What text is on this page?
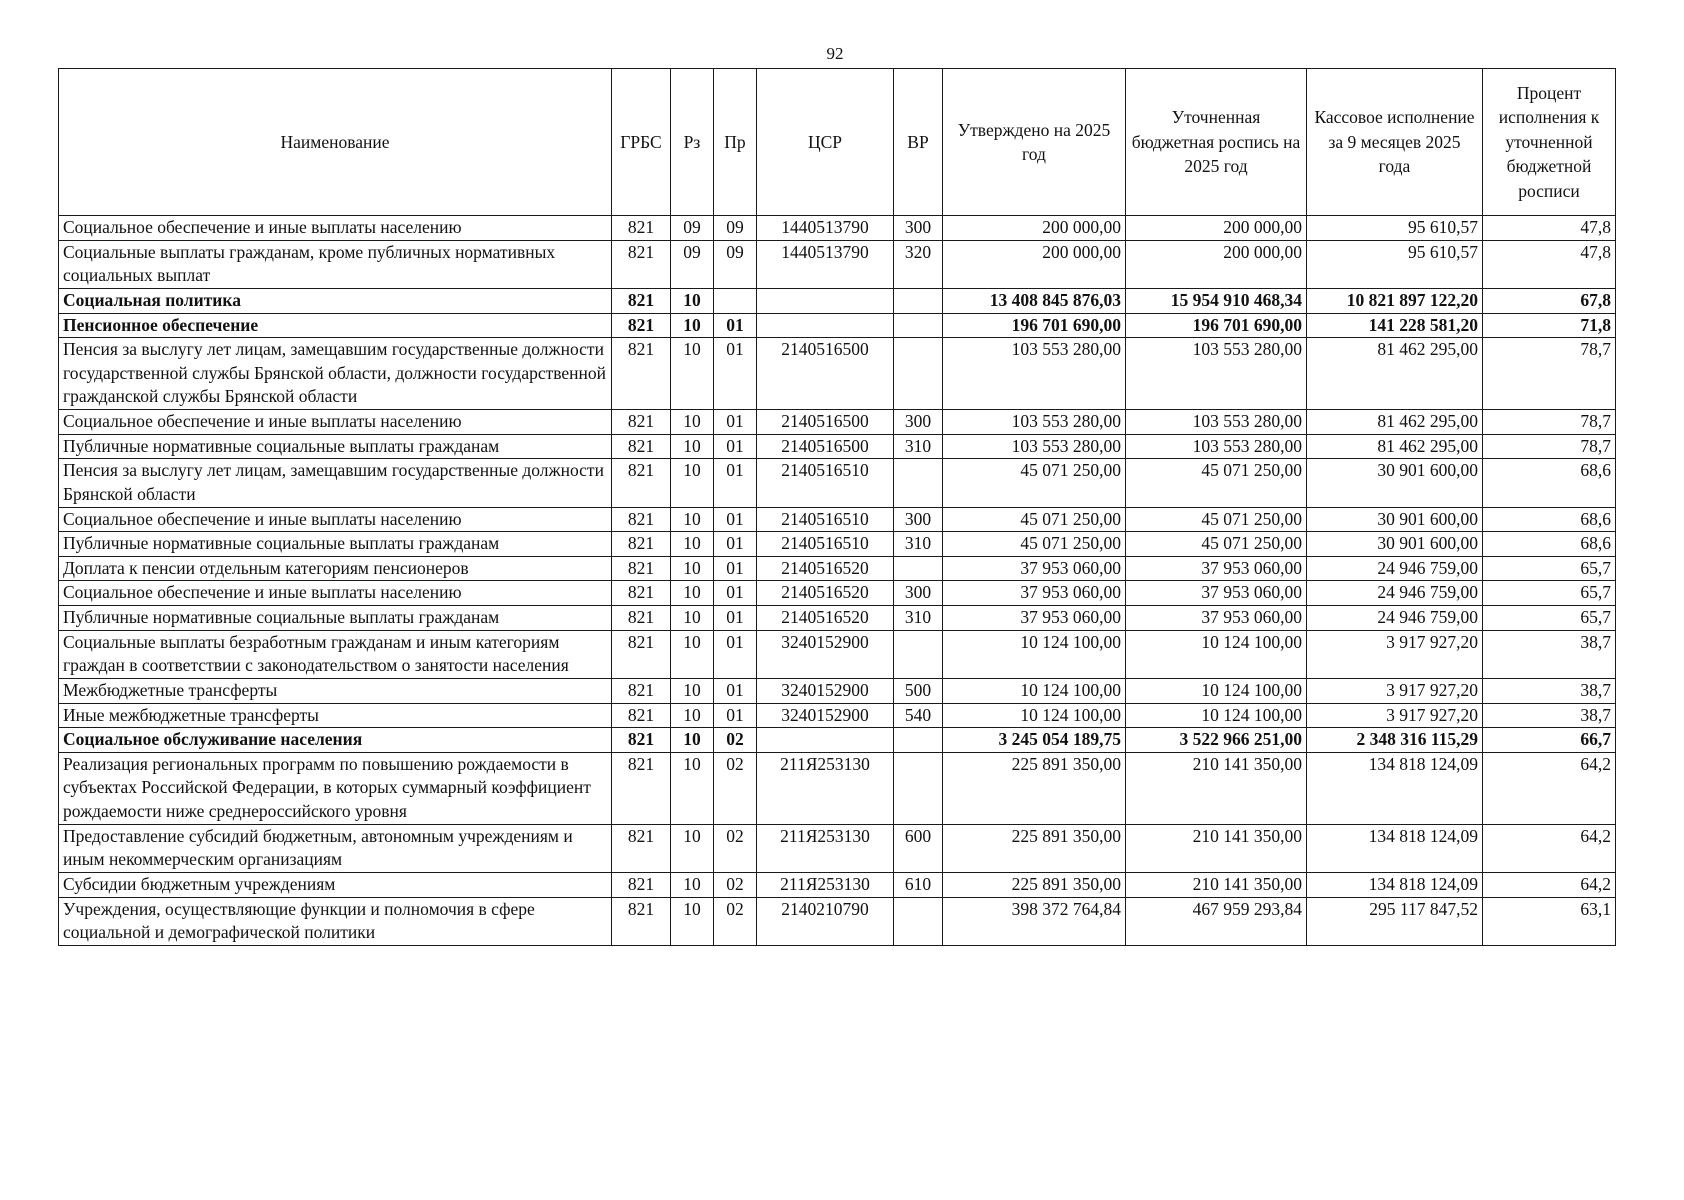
92
Наименование	ГРБС	Рз	Пр	ЦСР	ВР	Утверждено на 2025 год	Уточненная бюджетная роспись на 2025 год	Кассовое исполнение за 9 месяцев 2025 года	Процент исполнения к уточненной бюджетной росписи
Социальное обеспечение и иные выплаты населению	821	09	09	1440513790	300	200 000,00	200 000,00	95 610,57	47,8
Социальные выплаты гражданам, кроме публичных нормативных социальных выплат	821	09	09	1440513790	320	200 000,00	200 000,00	95 610,57	47,8
Социальная политика	821	10				13 408 845 876,03	15 954 910 468,34	10 821 897 122,20	67,8
Пенсионное обеспечение	821	10	01			196 701 690,00	196 701 690,00	141 228 581,20	71,8
Пенсия за выслугу лет лицам, замещавшим государственные должности государственной службы Брянской области, должности государственной гражданской службы Брянской области	821	10	01	2140516500		103 553 280,00	103 553 280,00	81 462 295,00	78,7
Социальное обеспечение и иные выплаты населению	821	10	01	2140516500	300	103 553 280,00	103 553 280,00	81 462 295,00	78,7
Публичные нормативные социальные выплаты гражданам	821	10	01	2140516500	310	103 553 280,00	103 553 280,00	81 462 295,00	78,7
Пенсия за выслугу лет лицам, замещавшим государственные должности Брянской области	821	10	01	2140516510		45 071 250,00	45 071 250,00	30 901 600,00	68,6
Социальное обеспечение и иные выплаты населению	821	10	01	2140516510	300	45 071 250,00	45 071 250,00	30 901 600,00	68,6
Публичные нормативные социальные выплаты гражданам	821	10	01	2140516510	310	45 071 250,00	45 071 250,00	30 901 600,00	68,6
Доплата к пенсии отдельным категориям пенсионеров	821	10	01	2140516520		37 953 060,00	37 953 060,00	24 946 759,00	65,7
Социальное обеспечение и иные выплаты населению	821	10	01	2140516520	300	37 953 060,00	37 953 060,00	24 946 759,00	65,7
Публичные нормативные социальные выплаты гражданам	821	10	01	2140516520	310	37 953 060,00	37 953 060,00	24 946 759,00	65,7
Социальные выплаты безработным гражданам и иным категориям граждан в соответствии с законодательством о занятости населения	821	10	01	3240152900		10 124 100,00	10 124 100,00	3 917 927,20	38,7
Межбюджетные трансферты	821	10	01	3240152900	500	10 124 100,00	10 124 100,00	3 917 927,20	38,7
Иные межбюджетные трансферты	821	10	01	3240152900	540	10 124 100,00	10 124 100,00	3 917 927,20	38,7
Социальное обслуживание населения	821	10	02			3 245 054 189,75	3 522 966 251,00	2 348 316 115,29	66,7
Реализация региональных программ по повышению рождаемости в субъектах Российской Федерации, в которых суммарный коэффициент рождаемости ниже среднероссийского уровня	821	10	02	211Я253130		225 891 350,00	210 141 350,00	134 818 124,09	64,2
Предоставление субсидий бюджетным, автономным учреждениям и иным некоммерческим организациям	821	10	02	211Я253130	600	225 891 350,00	210 141 350,00	134 818 124,09	64,2
Субсидии бюджетным учреждениям	821	10	02	211Я253130	610	225 891 350,00	210 141 350,00	134 818 124,09	64,2
Учреждения, осуществляющие функции и полномочия в сфере социальной и демографической политики	821	10	02	2140210790		398 372 764,84	467 959 293,84	295 117 847,52	63,1
